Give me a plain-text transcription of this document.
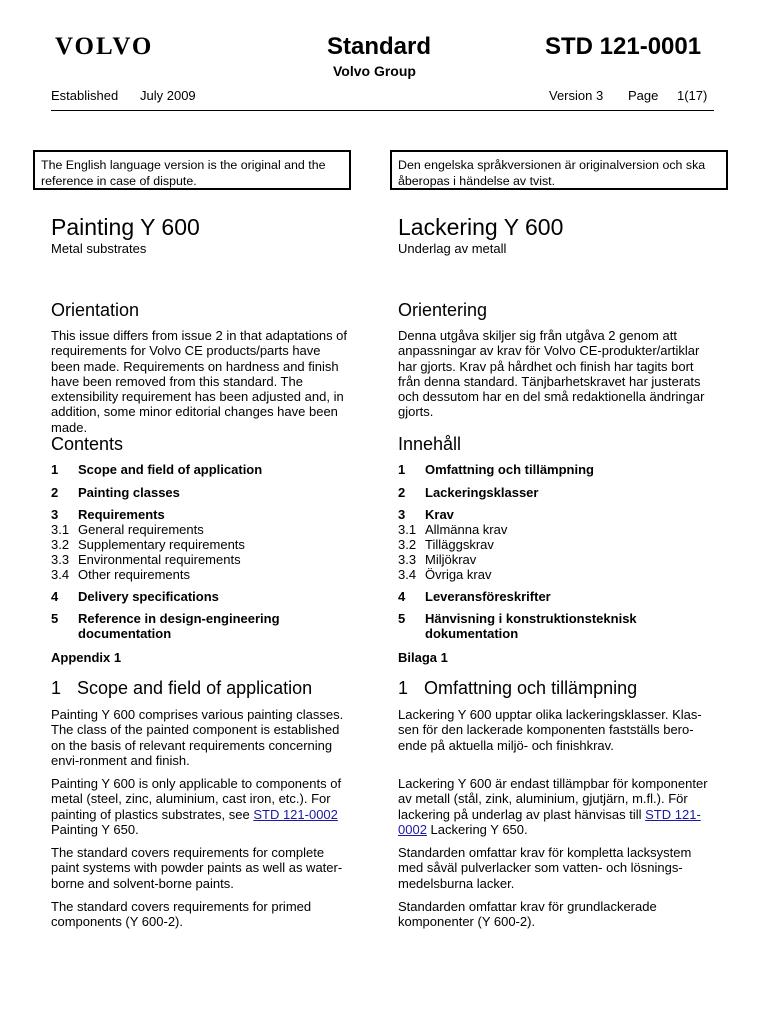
VOLVO	Standard
Volvo Group
STD 121-0001
Established July 2009	Version 3 Page 1(17)
The English language version is the original and the reference in case of dispute.
Den engelska språkversionen är originalversion och ska åberopas i händelse av tvist.
Painting Y 600
Metal substrates
Orientation
This issue differs from issue 2 in that adaptations of requirements for Volvo CE products/parts have been made. Requirements on hardness and finish have been removed from this standard. The extensibility requirement has been adjusted and, in addition, some minor editorial changes have been made.
Contents
1 Scope and field of application
2 Painting classes
3 Requirements
3.1 General requirements
3.2 Supplementary requirements
3.3 Environmental requirements
3.4 Other requirements
4 Delivery specifications
5 Reference in design-engineering documentation
Appendix 1
1 Scope and field of application
Painting Y 600 comprises various painting classes. The class of the painted component is established on the basis of relevant requirements concerning envi-ronment and finish.
Painting Y 600 is only applicable to components of metal (steel, zinc, aluminium, cast iron, etc.). For painting of plastics substrates, see STD 121-0002 Painting Y 650.
The standard covers requirements for complete paint systems with powder paints as well as water-borne and solvent-borne paints.
The standard covers requirements for primed components (Y 600-2).
Lackering Y 600
Underlag av metall
Orientering
Denna utgåva skiljer sig från utgåva 2 genom att anpassningar av krav för Volvo CE-produkter/artiklar har gjorts. Krav på hårdhet och finish har tagits bort från denna standard. Tänjbarhetskravet har justerats och dessutom har en del små redaktionella ändringar gjorts.
Innehåll
1 Omfattning och tillämpning
2 Lackeringsklasser
3 Krav
3.1 Allmänna krav
3.2 Tilläggskrav
3.3 Miljökrav
3.4 Övriga krav
4 Leveransföreskrifter
5 Hänvisning i konstruktionsteknisk dokumentation
Bilaga 1
1 Omfattning och tillämpning
Lackering Y 600 upptar olika lackeringsklasser. Klas-sen för den lackerade komponenten fastställs bero-ende på aktuella miljö- och finishkrav.
Lackering Y 600 är endast tillämpbar för komponenter av metall (stål, zink, aluminium, gjutjärn, m.fl.). För lackering på underlag av plast hänvisas till STD 121-0002 Lackering Y 650.
Standarden omfattar krav för kompletta lacksystem med såväl pulverlacker som vatten- och lösnings-medelsburna lacker.
Standarden omfattar krav för grundlackerade komponenter (Y 600-2).
